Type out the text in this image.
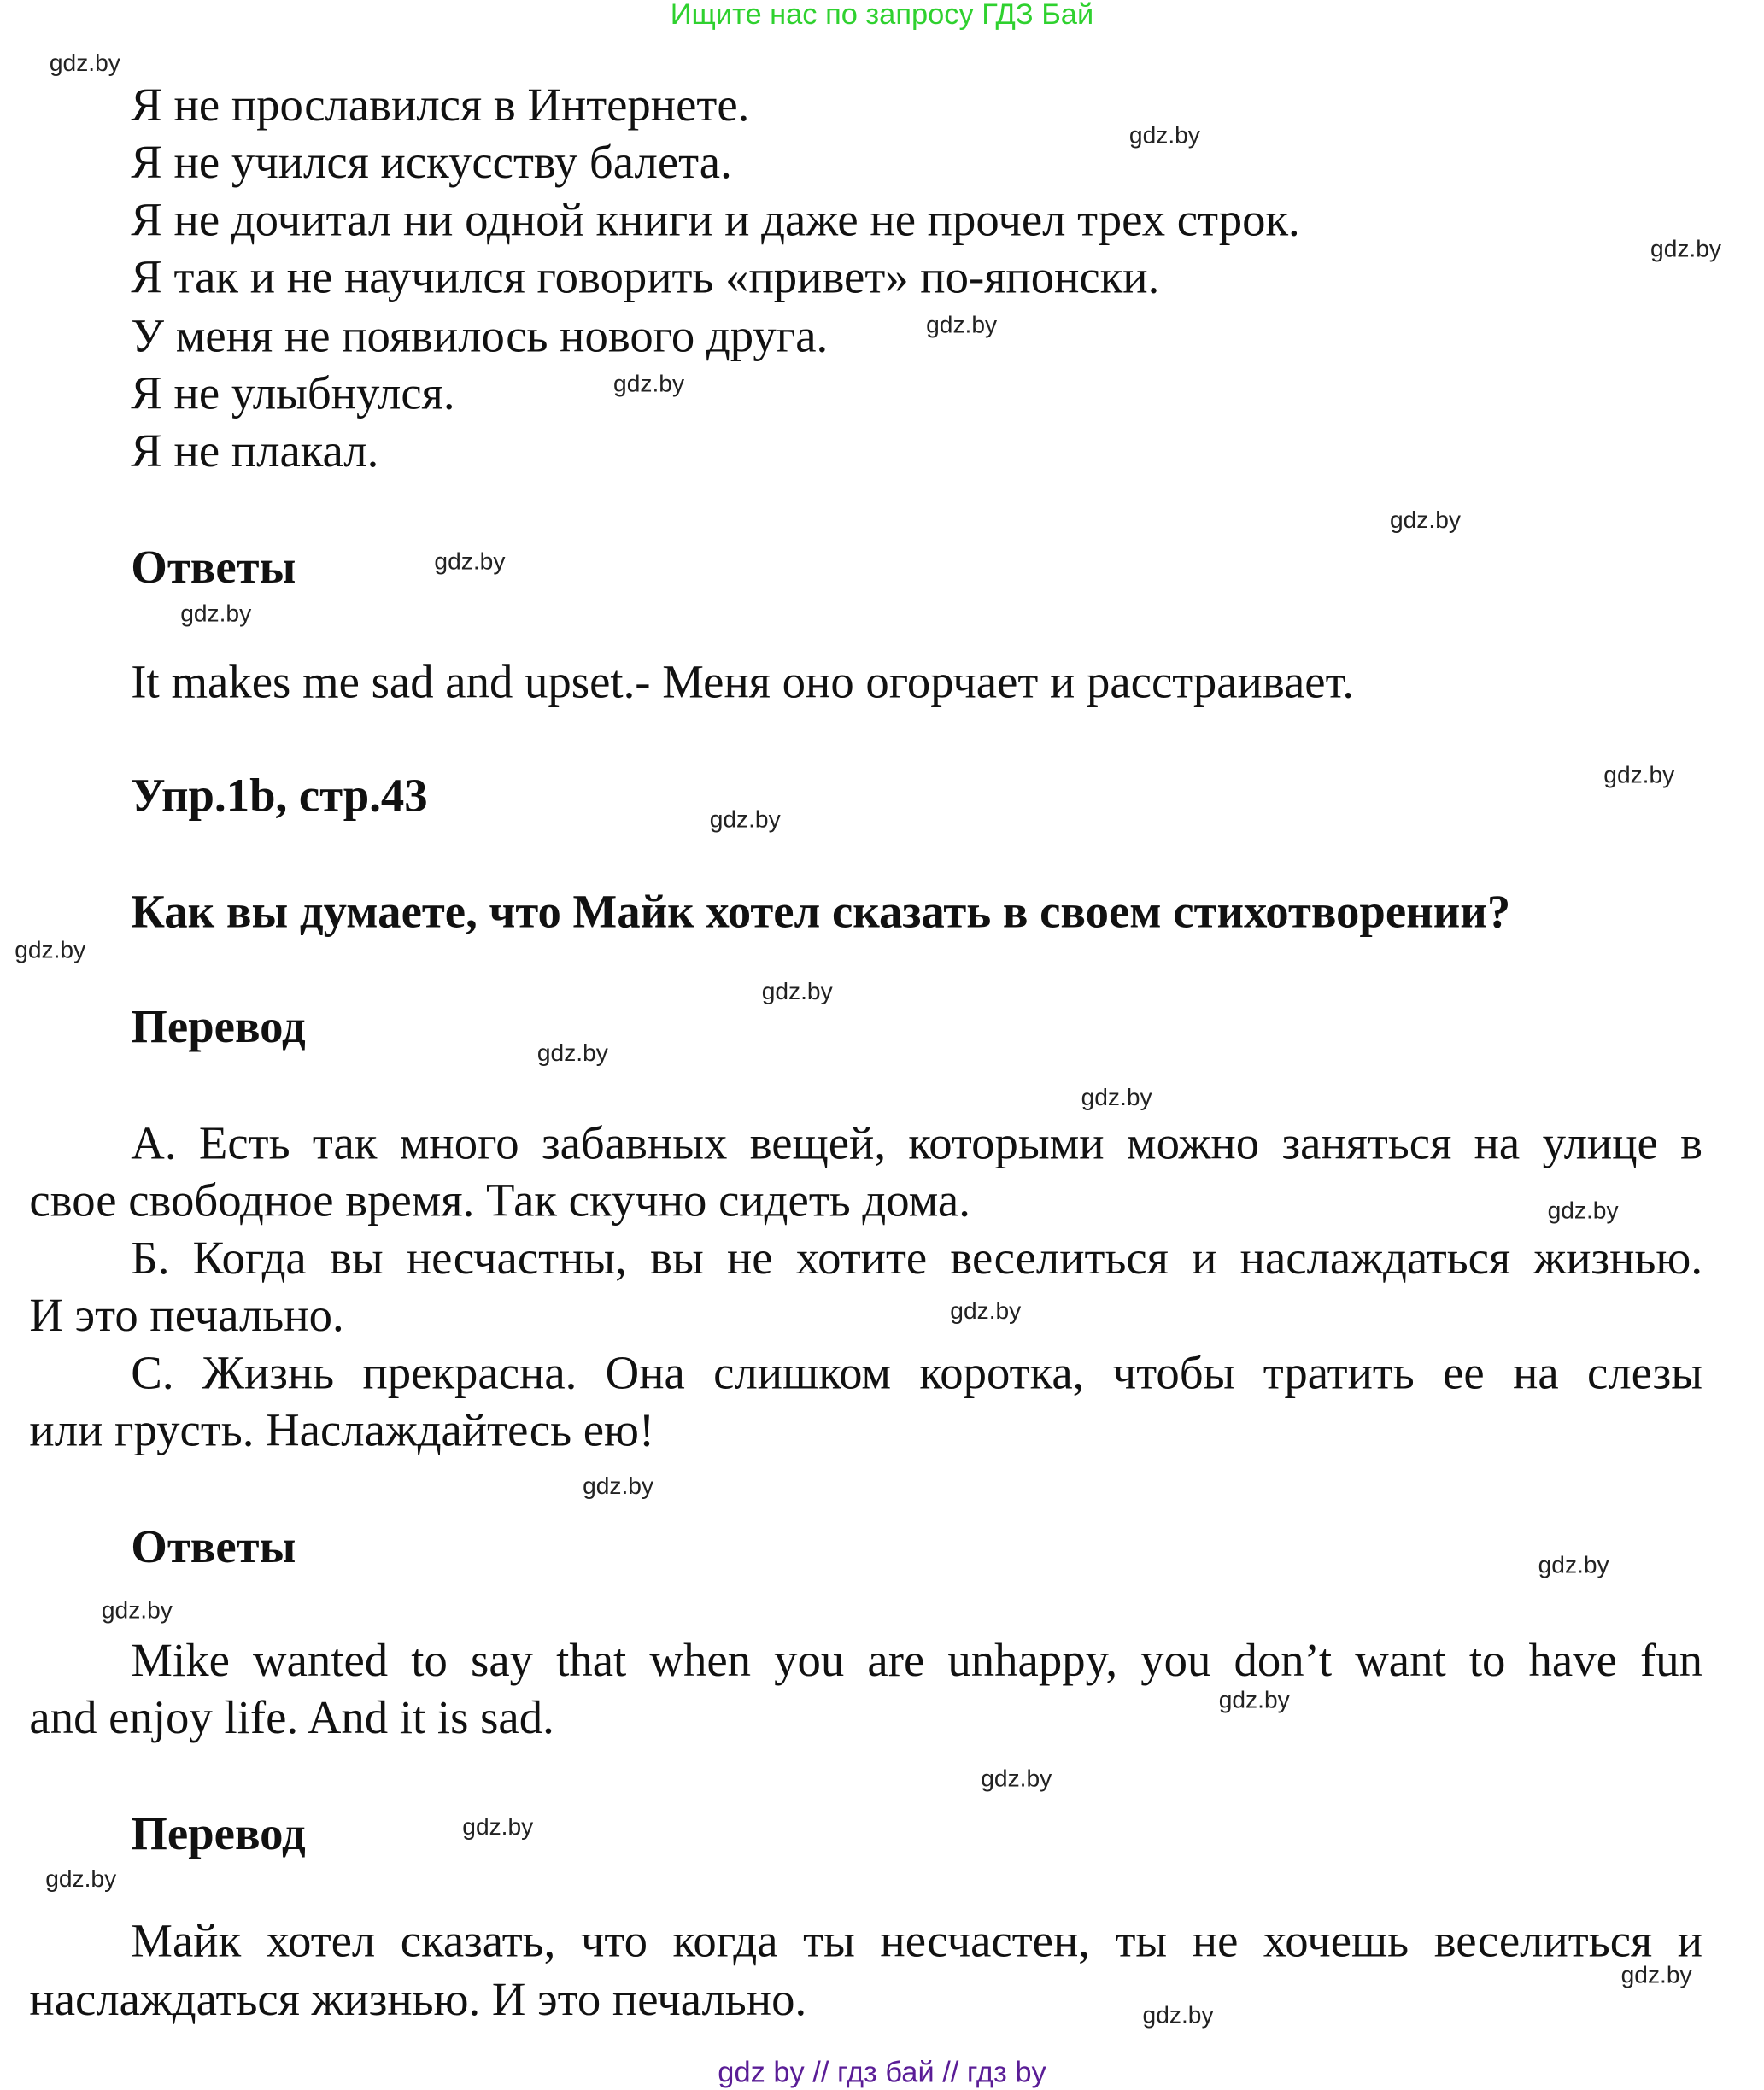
Ищите нас по запросу ГДЗ Бай
Я не прославился в Интернете.
Я не учился искусству балета.
Я не дочитал ни одной книги и даже не прочел трех строк.
Я так и не научился говорить «привет» по-японски.
У меня не появилось нового друга.
Я не улыбнулся.
Я не плакал.
Ответы
It makes me sad and upset.- Меня оно огорчает и расстраивает.
Упр.1b, стр.43
Как вы думаете, что Майк хотел сказать в своем стихотворении?
Перевод
А. Есть так много забавных вещей, которыми можно заняться на улице в
свое свободное время. Так скучно сидеть дома.
Б. Когда вы несчастны, вы не хотите веселиться и наслаждаться жизнью.
И это печально.
С. Жизнь прекрасна. Она слишком коротка, чтобы тратить ее на слезы
или грусть. Наслаждайтесь ею!
Ответы
Mike wanted to say that when you are unhappy, you don’t want to have fun
and enjoy life. And it is sad.
Перевод
Майк хотел сказать, что когда ты несчастен, ты не хочешь веселиться и
наслаждаться жизнью. И это печально.
gdz.by
gdz.by
gdz.by
gdz.by
gdz.by
gdz.by
gdz.by
gdz.by
gdz.by
gdz.by
gdz.by
gdz.by
gdz.by
gdz.by
gdz.by
gdz.by
gdz.by
gdz.by
gdz.by
gdz.by
gdz.by
gdz.by
gdz.by
gdz.by
gdz.by
gdz by // гдз бай // гдз by
